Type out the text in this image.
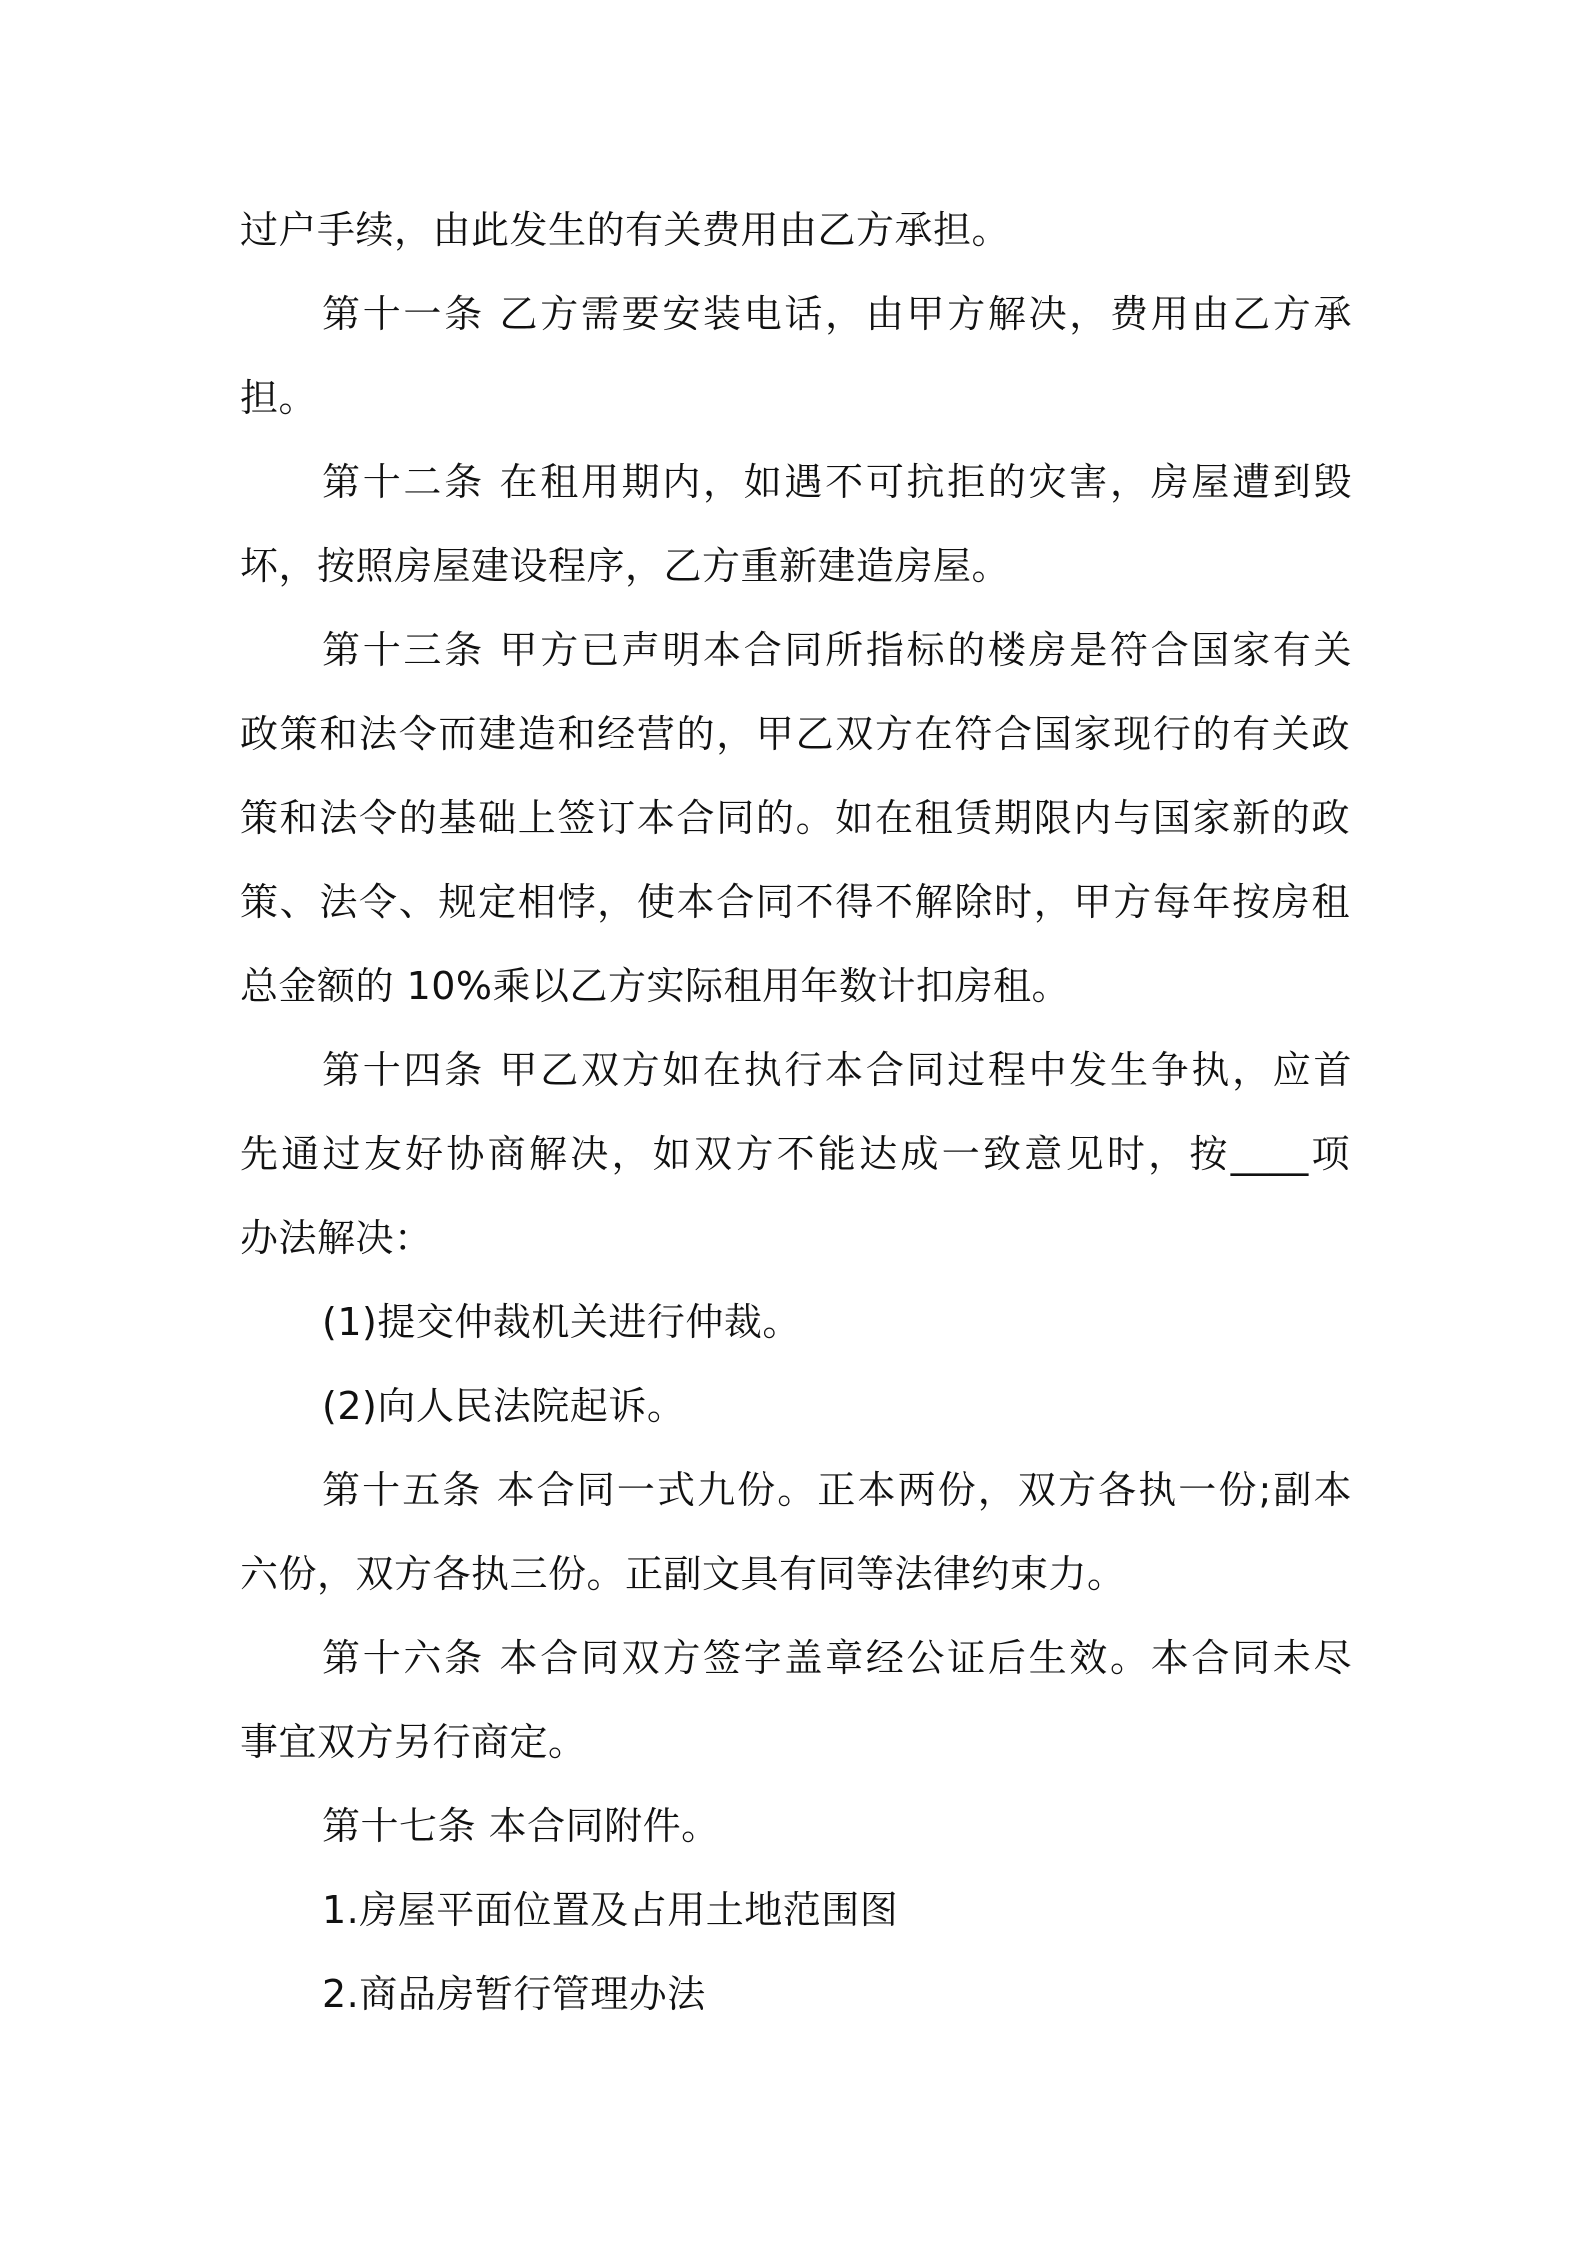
过户手续，由此发生的有关费用由乙方承担。
第十一条 乙方需要安装电话，由甲方解决，费用由乙方承
担。
第十二条 在租用期内，如遇不可抗拒的灾害，房屋遭到毁
坏，按照房屋建设程序，乙方重新建造房屋。
第十三条 甲方已声明本合同所指标的楼房是符合国家有关
政策和法令而建造和经营的，甲乙双方在符合国家现行的有关政
策和法令的基础上签订本合同的。如在租赁期限内与国家新的政
策、法令、规定相悖，使本合同不得不解除时，甲方每年按房租
总金额的 10%乘以乙方实际租用年数计扣房租。
第十四条 甲乙双方如在执行本合同过程中发生争执，应首
先通过友好协商解决，如双方不能达成一致意见时，按____项
办法解决：
(1)提交仲裁机关进行仲裁。
(2)向人民法院起诉。
第十五条 本合同一式九份。正本两份，双方各执一份;副本
六份，双方各执三份。正副文具有同等法律约束力。
第十六条 本合同双方签字盖章经公证后生效。本合同未尽
事宜双方另行商定。
第十七条 本合同附件。
1.房屋平面位置及占用土地范围图
2.商品房暂行管理办法
